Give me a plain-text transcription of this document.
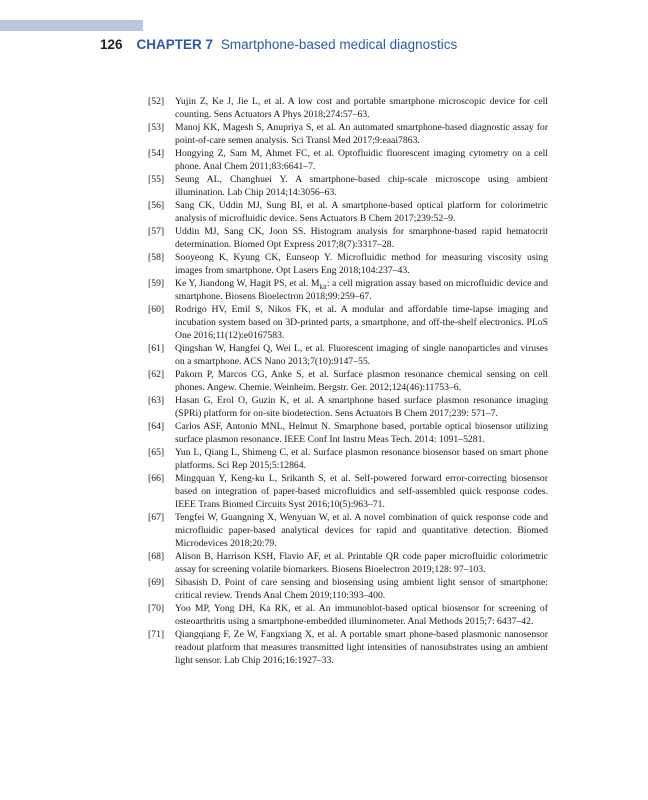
126 CHAPTER 7 Smartphone-based medical diagnostics
[52]	Yujin Z, Ke J, Jie L, et al. A low cost and portable smartphone microscopic device for cell counting. Sens Actuators A Phys 2018;274:57–63.
[53]	Manoj KK, Magesh S, Anupriya S, et al. An automated smartphone-based diagnostic assay for point-of-care semen analysis. Sci Transl Med 2017;9:eaai7863.
[54]	Hongying Z, Sam M, Ahmet FC, et al. Optofluidic fluorescent imaging cytometry on a cell phone. Anal Chem 2011;83:6641–7.
[55]	Seung AL, Changhuei Y. A smartphone-based chip-scale microscope using ambient illumination. Lab Chip 2014;14:3056–63.
[56]	Sang CK, Uddin MJ, Sung BI, et al. A smartphone-based optical platform for colorimetric analysis of microfluidic device. Sens Actuators B Chem 2017;239:52–9.
[57]	Uddin MJ, Sang CK, Joon SS. Histogram analysis for smarphone-based rapid hematocrit determination. Biomed Opt Express 2017;8(7):3317–28.
[58]	Sooyeong K, Kyung CK, Eunseop Y. Microfluidic method for measuring viscosity using images from smartphone. Opt Lasers Eng 2018;104:237–43.
[59]	Ke Y, Jiandong W, Hagit PS, et al. $M_{kit}$: a cell migration assay based on microfluidic device and smartphone. Biosens Bioelectron 2018;99:259–67.
[60]	Rodrigo HV, Emil S, Nikos FK, et al. A modular and affordable time-lapse imaging and incubation system based on 3D-printed parts, a smartphone, and off-the-shelf electronics. PLoS One 2016;11(12):e0167583.
[61]	Qingshan W, Hangfei Q, Wei L, et al. Fluorescent imaging of single nanoparticles and viruses on a smartphone. ACS Nano 2013;7(10):9147–55.
[62]	Pakorn P, Marcos CG, Anke S, et al. Surface plasmon resonance chemical sensing on cell phones. Angew. Chemie. Weinheim. Bergstr. Ger. 2012;124(46):11753–6.
[63]	Hasan G, Erol O, Guzin K, et al. A smartphone based surface plasmon resonance imaging (SPRi) platform for on-site biodetection. Sens Actuators B Chem 2017;239: 571–7.
[64]	Carlos ASF, Antonio MNL, Helmut N. Smarphone based, portable optical biosensor utilizing surface plasmon resonance. IEEE Conf Int Instru Meas Tech. 2014: 1091–5281.
[65]	Yun L, Qiang L, Shimeng C, et al. Surface plasmon resonance biosensor based on smart phone platforms. Sci Rep 2015;5:12864.
[66]	Mingquan Y, Keng-ku L, Srikanth S, et al. Self-powered forward error-correcting biosensor based on integration of paper-based microfluidics and self-assembled quick response codes. IEEE Trans Biomed Circuits Syst 2016;10(5):963–71.
[67]	Tengfei W, Guangning X, Wenyuan W, et al. A novel combination of quick response code and microfluidic paper-based analytical devices for rapid and quantitative detection. Biomed Microdevices 2018;20:79.
[68]	Alison B, Harrison KSH, Flavio AF, et al. Printable QR code paper microfluidic colorimetric assay for screening volatile biomarkers. Biosens Bioelectron 2019;128: 97–103.
[69]	Sibasish D. Point of care sensing and biosensing using ambient light sensor of smartphone: critical review. Trends Anal Chem 2019;110:393–400.
[70]	Yoo MP, Yong DH, Ka RK, et al. An immunoblot-based optical biosensor for screening of osteoarthritis using a smartphone-embedded illuminometer. Anal Methods 2015;7: 6437–42.
[71]	Qiangqiang F, Ze W, Fangxiang X, et al. A portable smart phone-based plasmonic nanosensor readout platform that measures transmitted light intensities of nanosubstrates using an ambient light sensor. Lab Chip 2016;16:1927–33.
